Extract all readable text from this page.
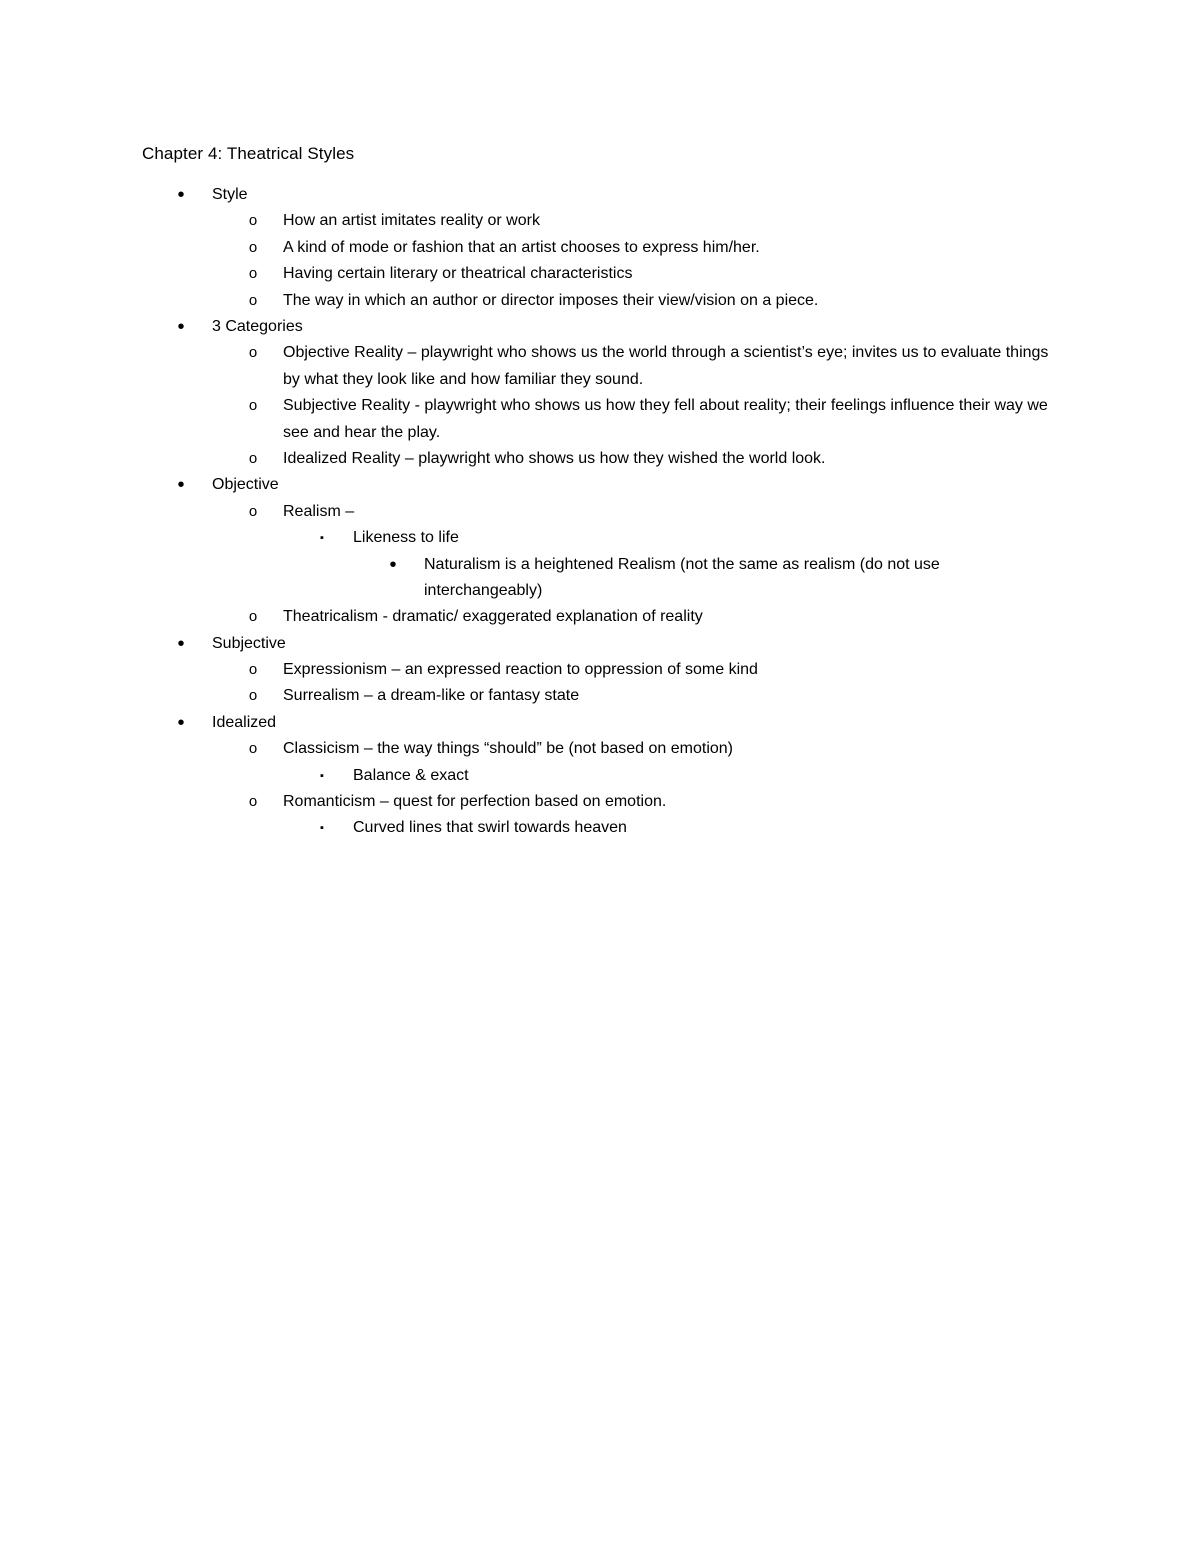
Chapter 4: Theatrical Styles
•	Style
o	How an artist imitates reality or work
o	A kind of mode or fashion that an artist chooses to express him/her.
o	Having certain literary or theatrical characteristics
o	The way in which an author or director imposes their view/vision on a piece.
•	3 Categories
o	Objective Reality – playwright who shows us the world through a scientist’s eye; invites us to evaluate things by what they look like and how familiar they sound.
o	Subjective Reality - playwright who shows us how they fell about reality; their feelings influence their way we see and hear the play.
o	Idealized Reality – playwright who shows us how they wished the world look.
•	Objective
o	Realism –
▪	Likeness to life
•	Naturalism is a heightened Realism (not the same as realism (do not use interchangeably)
o	Theatricalism - dramatic/ exaggerated explanation of reality
•	Subjective
o	Expressionism – an expressed reaction to oppression of some kind
o	Surrealism – a dream-like or fantasy state
•	Idealized
o	Classicism – the way things “should” be (not based on emotion)
▪	Balance & exact
o	Romanticism – quest for perfection based on emotion.
▪	Curved lines that swirl towards heaven
